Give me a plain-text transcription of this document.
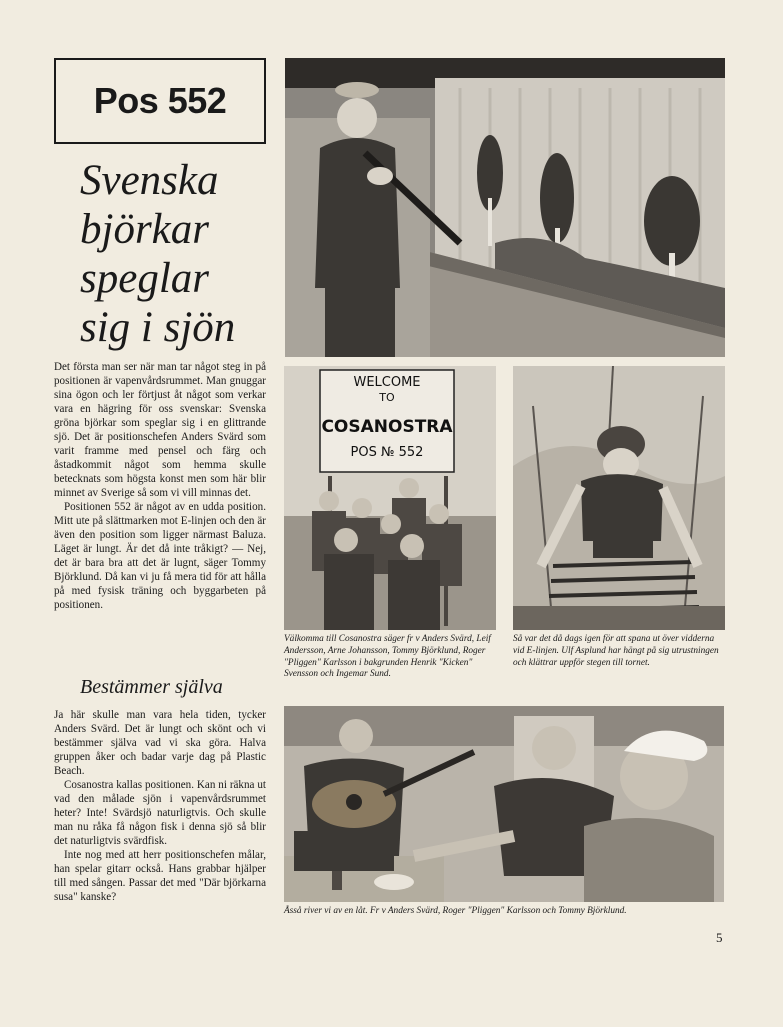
Pos 552
Svenska
björkar
speglar
sig i sjön

Det första man ser när man tar något steg in på positionen är vapenvårdsrummet. Man gnuggar sina ögon och ler förtjust åt något som verkar vara en hägring för oss svenskar: Svenska gröna björkar som speglar sig i en glittrande sjö. Det är positionschefen Anders Svärd som varit framme med pensel och färg och åstadkommit något som hemma skulle betecknats som högsta konst men som här blir minnet av Sverige så som vi vill minnas det.

Positionen 552 är något av en udda position. Mitt ute på slättmarken mot E-linjen och den är även den position som ligger närmast Baluza. Läget är lungt. Är det då inte tråkigt? — Nej, det är bara bra att det är lugnt, säger Tommy Björklund. Då kan vi ju få mera tid för att hålla på med fysisk träning och byggarbeten på positionen.

Bestämmer själva

Ja här skulle man vara hela tiden, tycker Anders Svärd. Det är lungt och skönt och vi bestämmer själva vad vi ska göra. Halva gruppen åker och badar varje dag på Plastic Beach.

Cosanostra kallas positionen. Kan ni räkna ut vad den målade sjön i vapenvårdsrummet heter? Inte! Svärdsjö naturligtvis. Och skulle man nu råka få någon fisk i denna sjö så blir det naturligtvis svärdfisk.

Inte nog med att herr positionschefen målar, han spelar gitarr också. Hans grabbar hjälper till med sången. Passar det med "Där björkarna susa" kanske?

WELCOME
TO
COSANOSTRA
POS № 552
Välkomma till Cosanostra säger fr v Anders Svärd, Leif Andersson, Arne Johansson, Tommy Björklund, Roger "Pliggen" Karlsson i bakgrunden Henrik "Kicken" Svensson och Ingemar Sund.
Så var det då dags igen för att spana ut över vidderna vid E-linjen. Ulf Asplund har hängt på sig utrustningen och klättrar uppför stegen till tornet.
Åsså river vi av en låt. Fr v Anders Svärd, Roger "Pliggen" Karlsson och Tommy Björklund.
5
